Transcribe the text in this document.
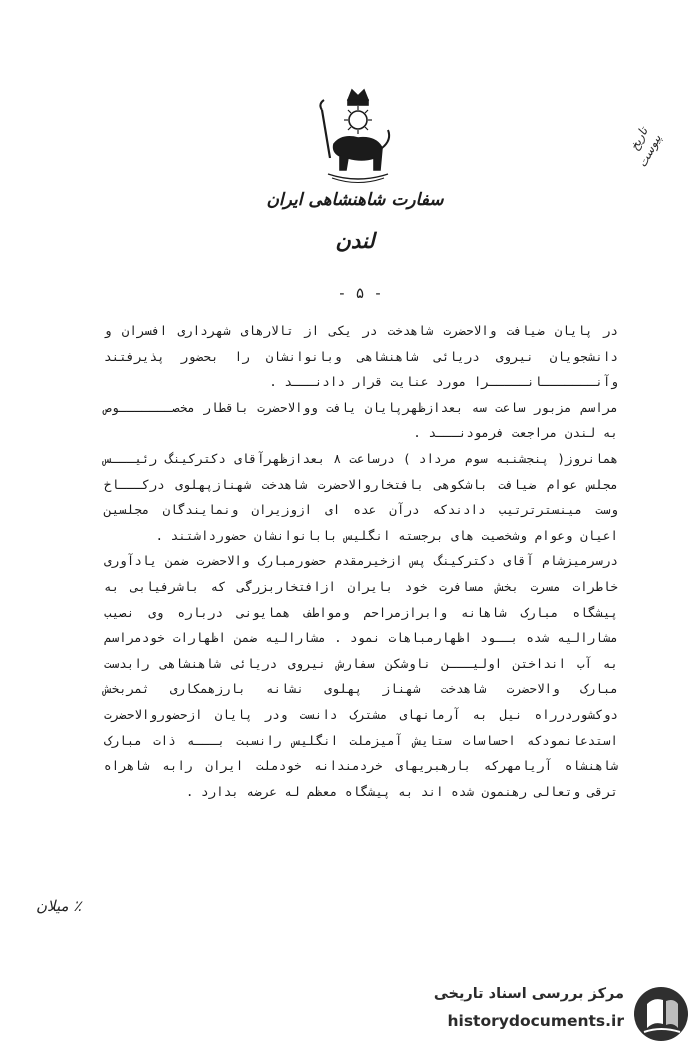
سفارت شاهنشاهی ایران
لندن
تاریخ
پیوست
- ۵ -

در پایان ضیافت والاحضرت شاهدخت در یکی از تالارهای شهرداری افسران و دانشجویان نیروی دریائی شاهنشاهی وبانوانشان را بحضور پذیرفتند وآنـــــــانـــــرا مورد عنایت قرار دادنـــد .

مراسم مزبور ساعت سه بعدازظهرپایان یافت ووالاحضرت باقطار مخصـــــــوص به لندن مراجعت فرمودنـــد .

همانروز( پنجشنبه سوم مرداد ) درساعت ۸ بعدازظهرآقای دکترکینگ رئیـــس مجلس عوام ضیافت باشکوهی بافتخاروالاحضرت شاهدخت شهنازپهلوی درکـــاخ وست مینسترترتیب دادندکه درآن عده ای ازوزیران ونمایندگان مجلسین اعیان وعوام وشخصیت های برجسته انگلیس بابانوانشان حضورداشتند .

درسرمیزشام آقای دکترکینگ پس ازخیرمقدم حضورمبارک والاحضرت ضمن یادآوری خاطرات مسرت بخش مسافرت خود بایران ازافتخاربزرگی که باشرفیابی به پیشگاه مبارک شاهانه وابرازمراحم ومواطف همایونی درباره وی نصیب مشارالیه شده بــود اظهارمباهات نمود . مشارالیه ضمن اظهارات خودمراسم به آب انداختن اولیـــن ناوشکن سفارش نیروی دریائی شاهنشاهی رابدست مبارک والاحضرت شاهدخت شهناز پهلوی نشانه بارزهمکاری ثمربخش دوکشوردرراه نیل به آرمانهای مشترک دانست ودر پایان ازحضوروالاحضرت استدعانمودکه احساسات ستایش آمیزملت انگلیس رانسبت بـــه ذات مبارک شاهنشاه آریامهرکه بارهبریهای خردمندانه خودملت ایران رابه شاهراه ترقی وتعالی رهنمون شده اند به پیشگاه معظم له عرضه بدارد .

٪ میلان
مرکز بررسی اسناد تاریخی
historydocuments.ir
